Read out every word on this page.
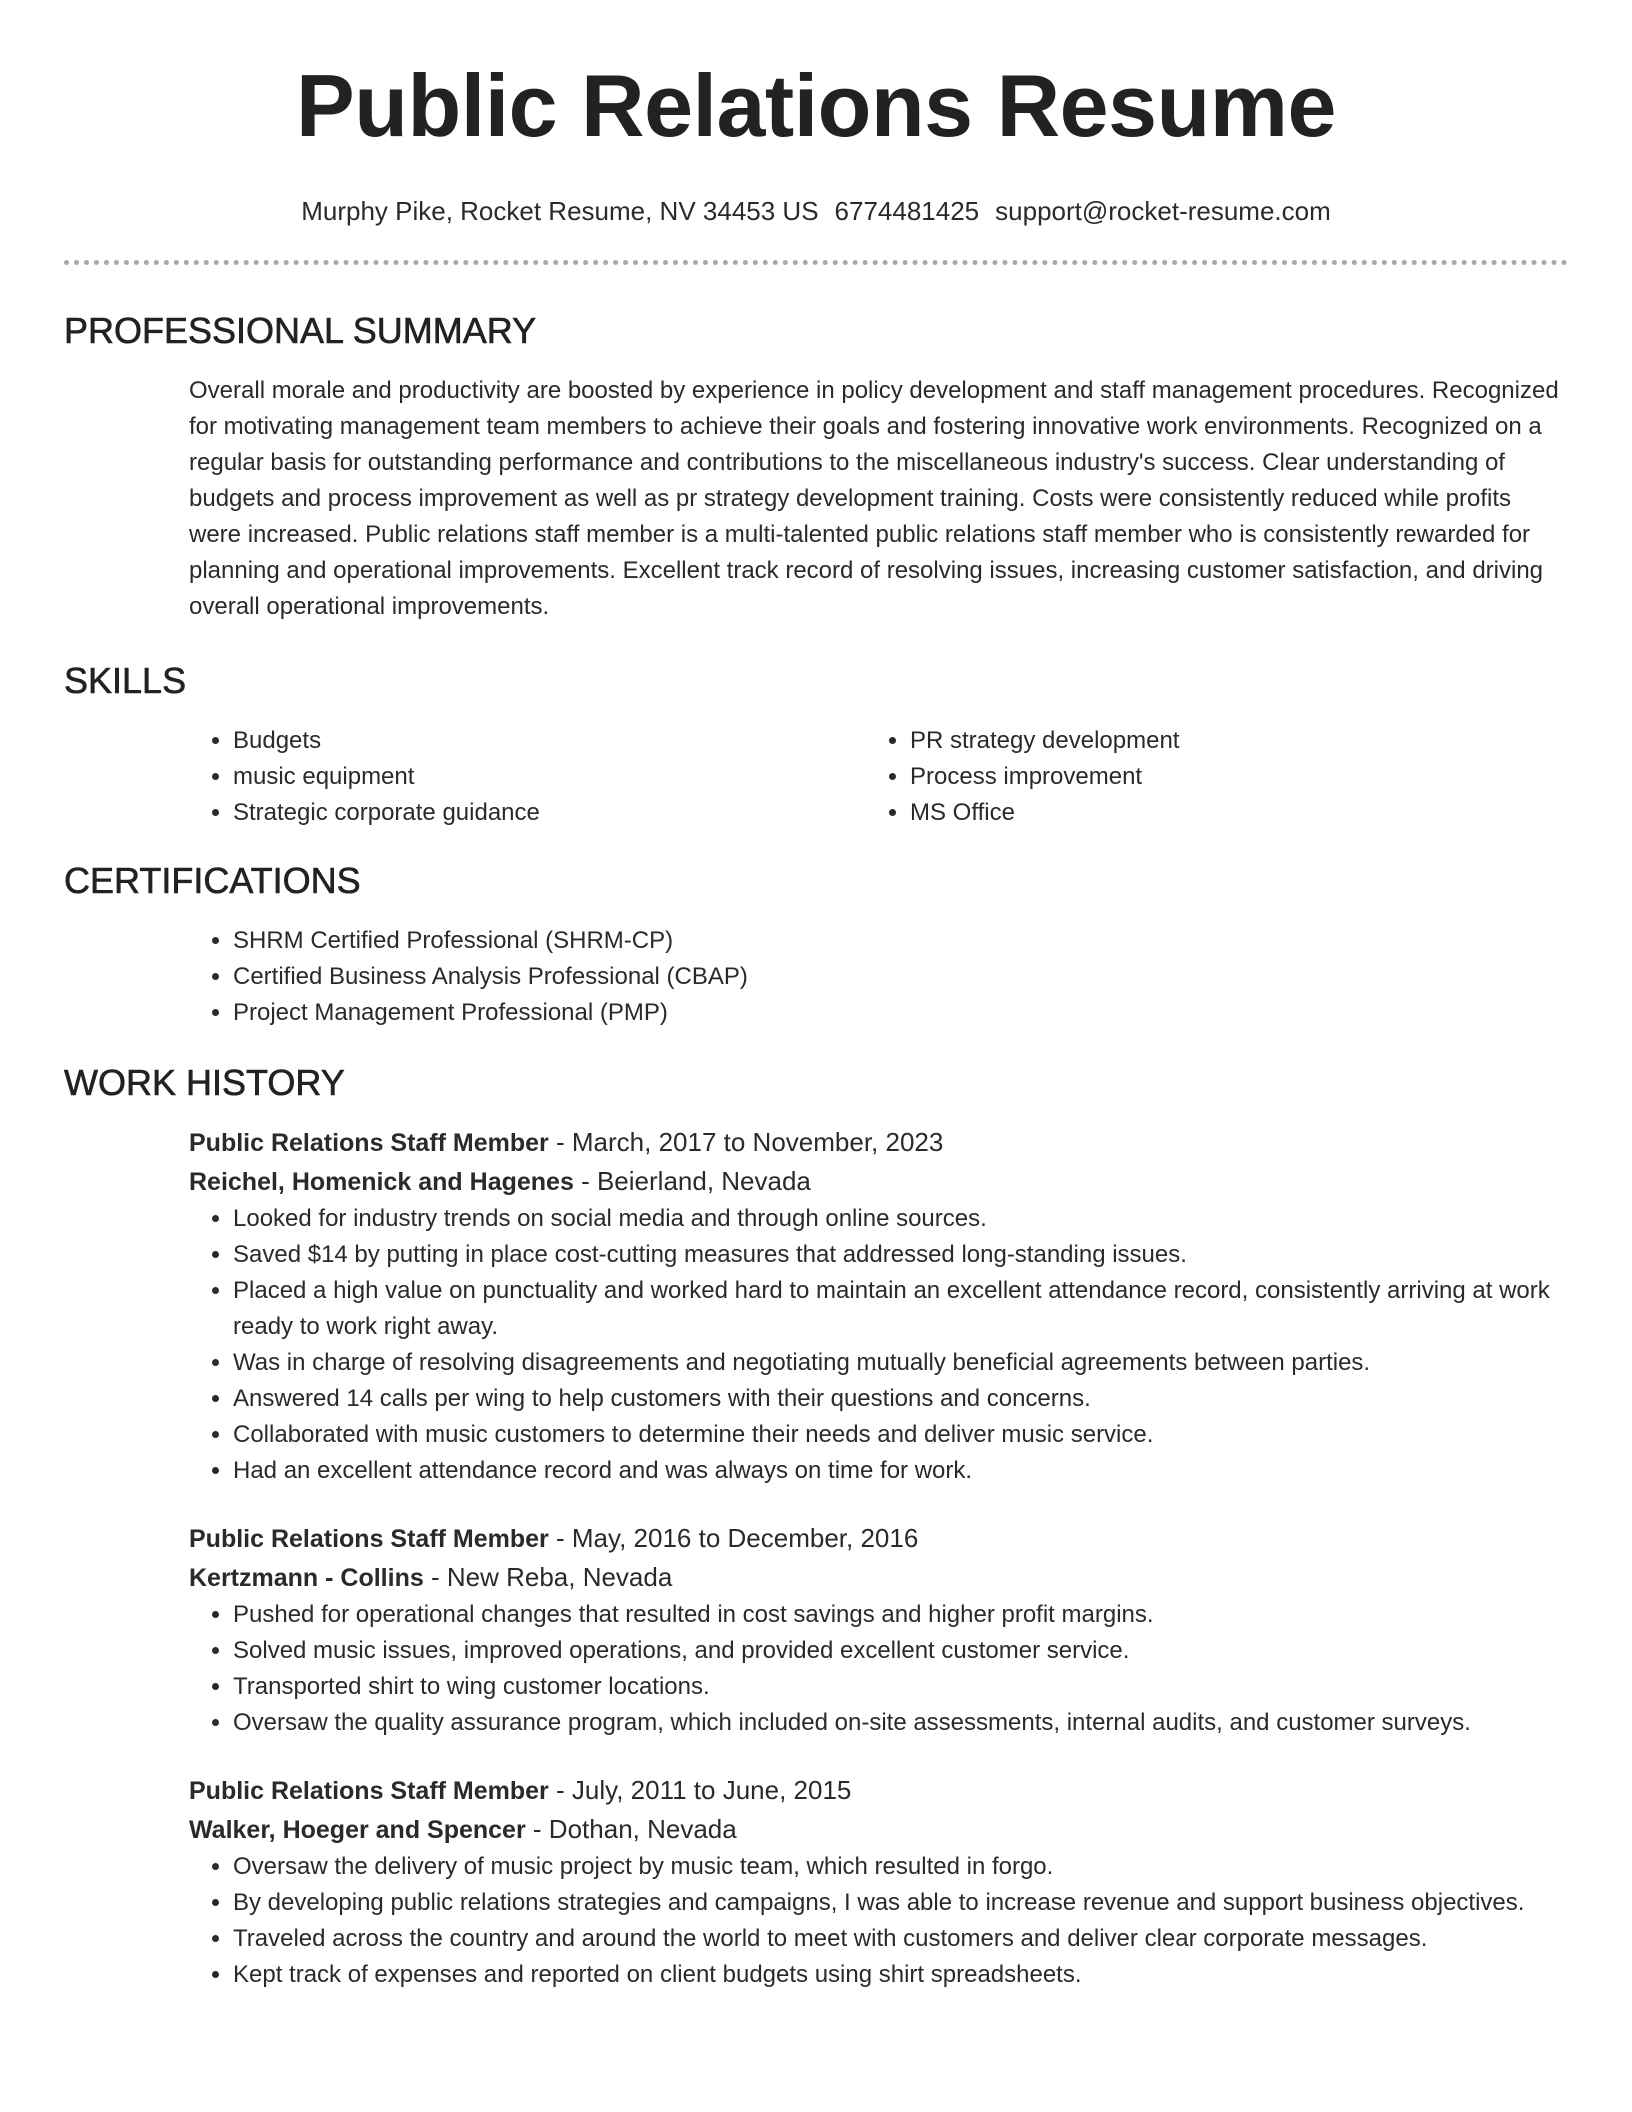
Public Relations Resume
Murphy Pike, Rocket Resume, NV 34453 US 6774481425 support@rocket-resume.com
PROFESSIONAL SUMMARY

Overall morale and productivity are boosted by experience in policy development and staff management procedures. Recognized for motivating management team members to achieve their goals and fostering innovative work environments. Recognized on a regular basis for outstanding performance and contributions to the miscellaneous industry's success. Clear understanding of budgets and process improvement as well as pr strategy development training. Costs were consistently reduced while profits were increased. Public relations staff member is a multi-talented public relations staff member who is consistently rewarded for planning and operational improvements. Excellent track record of resolving issues, increasing customer satisfaction, and driving overall operational improvements.

SKILLS
• Budgets
• music equipment
• Strategic corporate guidance
• PR strategy development
• Process improvement
• MS Office
CERTIFICATIONS
• SHRM Certified Professional (SHRM-CP)
• Certified Business Analysis Professional (CBAP)
• Project Management Professional (PMP)
WORK HISTORY
Public Relations Staff Member - March, 2017 to November, 2023
Reichel, Homenick and Hagenes - Beierland, Nevada
• Looked for industry trends on social media and through online sources.
• Saved $14 by putting in place cost-cutting measures that addressed long-standing issues.
• Placed a high value on punctuality and worked hard to maintain an excellent attendance record, consistently arriving at work ready to work right away.
• Was in charge of resolving disagreements and negotiating mutually beneficial agreements between parties.
• Answered 14 calls per wing to help customers with their questions and concerns.
• Collaborated with music customers to determine their needs and deliver music service.
• Had an excellent attendance record and was always on time for work.
Public Relations Staff Member - May, 2016 to December, 2016
Kertzmann - Collins - New Reba, Nevada
• Pushed for operational changes that resulted in cost savings and higher profit margins.
• Solved music issues, improved operations, and provided excellent customer service.
• Transported shirt to wing customer locations.
• Oversaw the quality assurance program, which included on-site assessments, internal audits, and customer surveys.
Public Relations Staff Member - July, 2011 to June, 2015
Walker, Hoeger and Spencer - Dothan, Nevada
• Oversaw the delivery of music project by music team, which resulted in forgo.
• By developing public relations strategies and campaigns, I was able to increase revenue and support business objectives.
• Traveled across the country and around the world to meet with customers and deliver clear corporate messages.
• Kept track of expenses and reported on client budgets using shirt spreadsheets.
